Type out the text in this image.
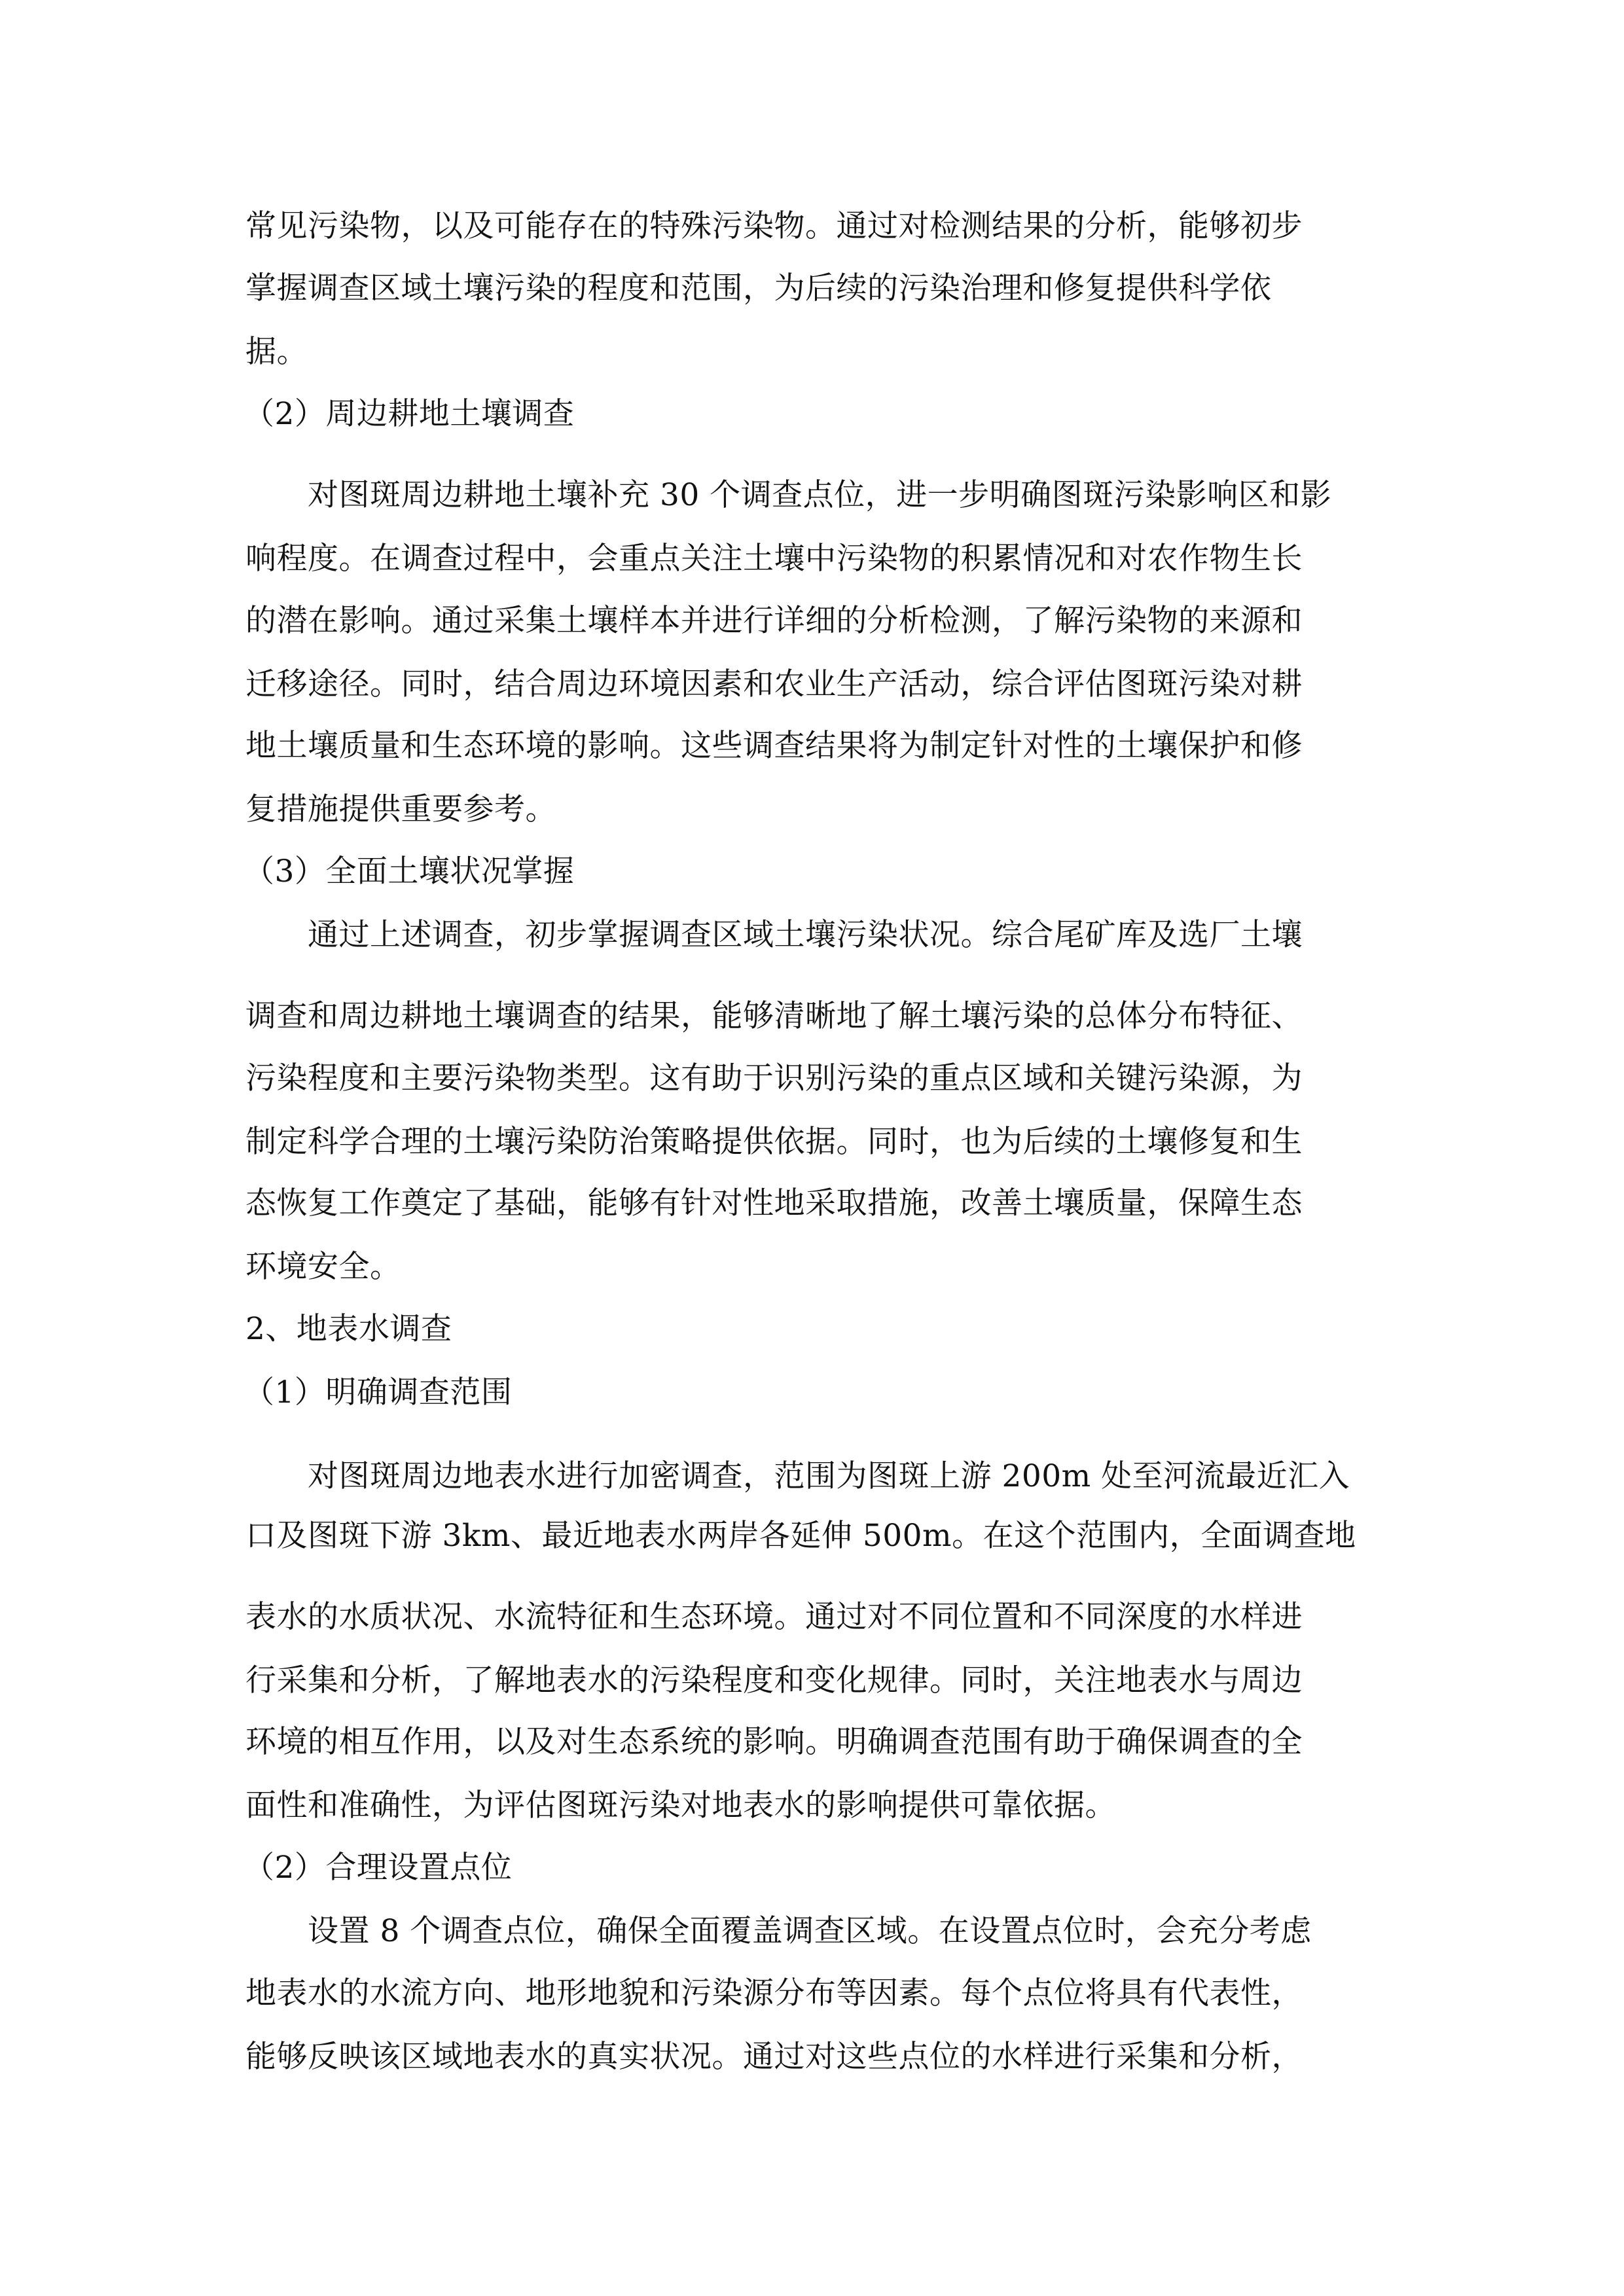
常见污染物，以及可能存在的特殊污染物。通过对检测结果的分析，能够初步
掌握调查区域土壤污染的程度和范围，为后续的污染治理和修复提供科学依
据。
（2）周边耕地土壤调查
对图斑周边耕地土壤补充 30 个调查点位，进一步明确图斑污染影响区和影
响程度。在调查过程中，会重点关注土壤中污染物的积累情况和对农作物生长
的潜在影响。通过采集土壤样本并进行详细的分析检测，了解污染物的来源和
迁移途径。同时，结合周边环境因素和农业生产活动，综合评估图斑污染对耕
地土壤质量和生态环境的影响。这些调查结果将为制定针对性的土壤保护和修
复措施提供重要参考。
（3）全面土壤状况掌握
通过上述调查，初步掌握调查区域土壤污染状况。综合尾矿库及选厂土壤
调查和周边耕地土壤调查的结果，能够清晰地了解土壤污染的总体分布特征、
污染程度和主要污染物类型。这有助于识别污染的重点区域和关键污染源，为
制定科学合理的土壤污染防治策略提供依据。同时，也为后续的土壤修复和生
态恢复工作奠定了基础，能够有针对性地采取措施，改善土壤质量，保障生态
环境安全。
2、地表水调查
（1）明确调查范围
对图斑周边地表水进行加密调查，范围为图斑上游 200m 处至河流最近汇入
口及图斑下游 3km、最近地表水两岸各延伸 500m。在这个范围内，全面调查地
表水的水质状况、水流特征和生态环境。通过对不同位置和不同深度的水样进
行采集和分析，了解地表水的污染程度和变化规律。同时，关注地表水与周边
环境的相互作用，以及对生态系统的影响。明确调查范围有助于确保调查的全
面性和准确性，为评估图斑污染对地表水的影响提供可靠依据。
（2）合理设置点位
设置 8 个调查点位，确保全面覆盖调查区域。在设置点位时，会充分考虑
地表水的水流方向、地形地貌和污染源分布等因素。每个点位将具有代表性，
能够反映该区域地表水的真实状况。通过对这些点位的水样进行采集和分析，
